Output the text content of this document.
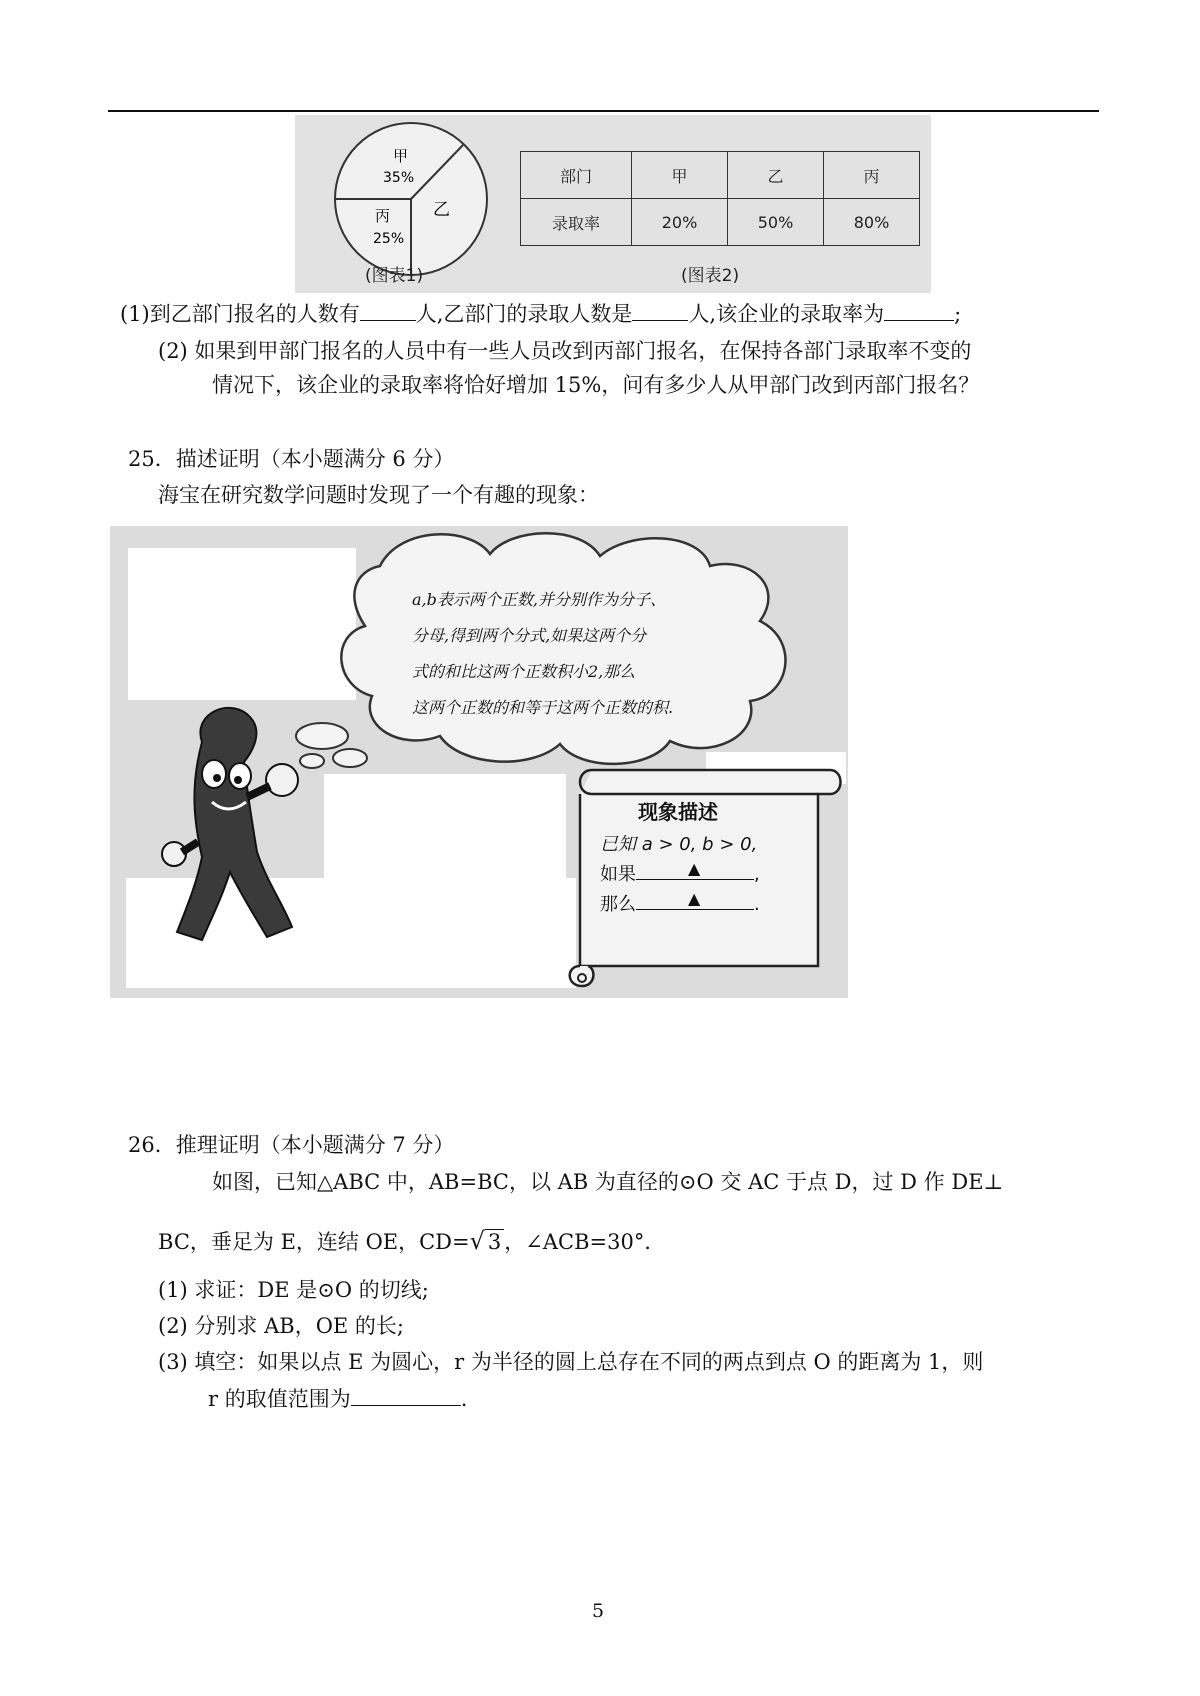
甲
35%
丙
25%
乙
部门	甲	乙	丙
录取率	20%	50%	80%
(图表1)	(图表2)
(1)到乙部门报名的人数有	人,乙部门的录取人数是	人,该企业的录取率为	;
(2) 如果到甲部门报名的人员中有一些人员改到丙部门报名，在保持各部门录取率不变的
情况下，该企业的录取率将恰好增加 15%，问有多少人从甲部门改到丙部门报名？
25．描述证明（本小题满分 6 分）
海宝在研究数学问题时发现了一个有趣的现象：
a,b表示两个正数,并分别作为分子、
分母,得到两个分式,如果这两个分
式的和比这两个正数积小2,那么
这两个正数的和等于这两个正数的积.
现象描述
已知 a > 0, b > 0,
如果	▲	,
那么	▲	.
26．推理证明（本小题满分 7 分）
如图，已知△ABC 中，AB=BC，以 AB 为直径的⊙O 交 AC 于点 D，过 D 作 DE⊥
BC，垂足为 E，连结 OE，CD=√ 3 ，∠ACB=30°．
(1) 求证：DE 是⊙O 的切线;
(2) 分别求 AB，OE 的长;
(3) 填空：如果以点 E 为圆心，r 为半径的圆上总存在不同的两点到点 O 的距离为 1，则
r 的取值范围为	.
5
